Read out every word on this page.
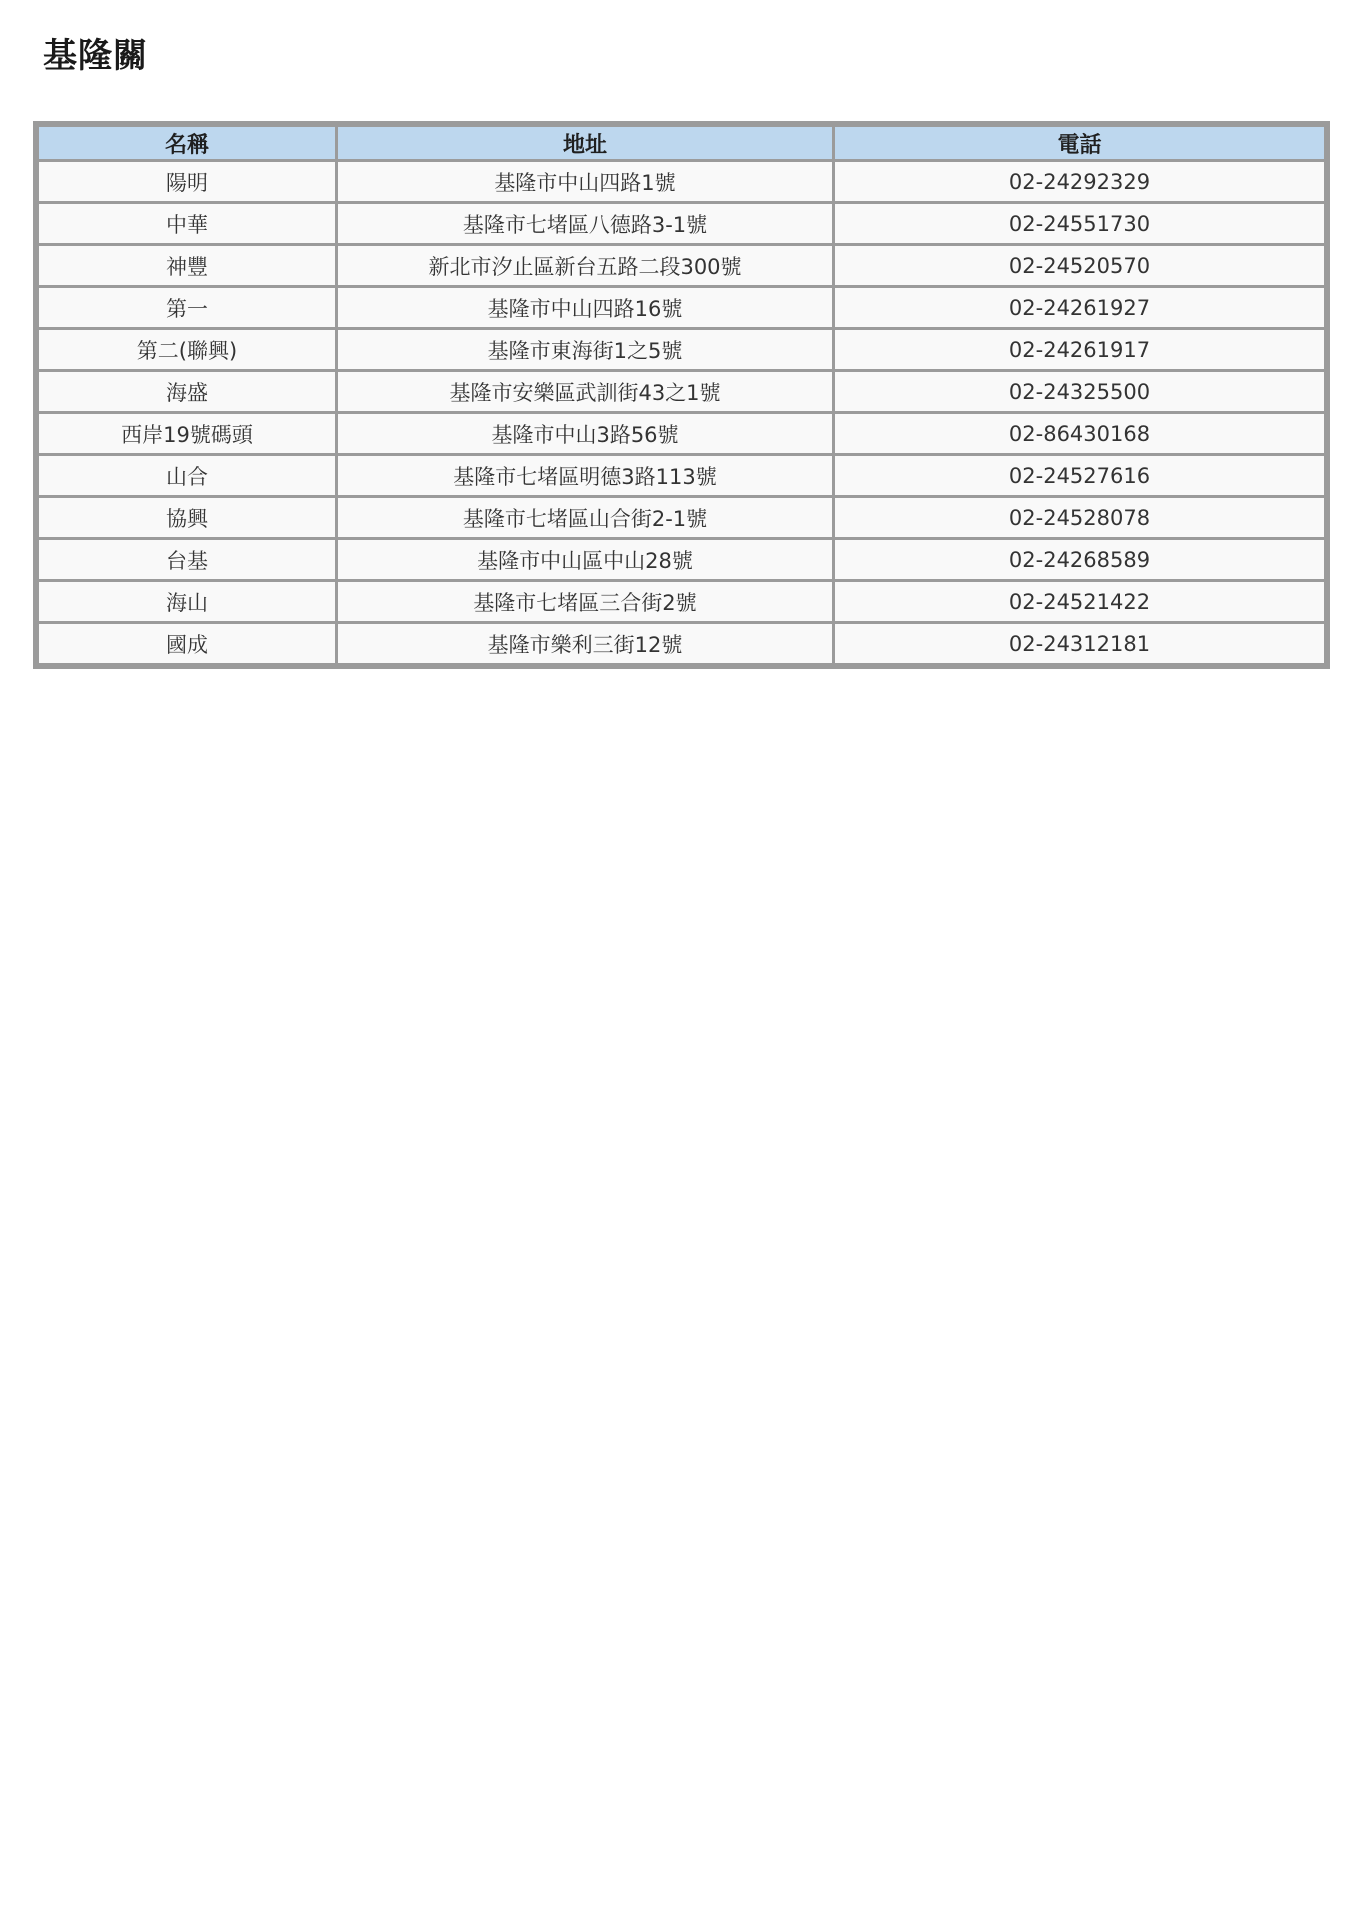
基隆關
名稱	地址	電話
陽明	基隆市中山四路1號	02-24292329
中華	基隆市七堵區八德路3-1號	02-24551730
神豐	新北市汐止區新台五路二段300號	02-24520570
第一	基隆市中山四路16號	02-24261927
第二(聯興)	基隆市東海街1之5號	02-24261917
海盛	基隆市安樂區武訓街43之1號	02-24325500
西岸19號碼頭	基隆市中山3路56號	02-86430168
山合	基隆市七堵區明德3路113號	02-24527616
協興	基隆市七堵區山合街2-1號	02-24528078
台基	基隆市中山區中山28號	02-24268589
海山	基隆市七堵區三合街2號	02-24521422
國成	基隆市樂利三街12號	02-24312181
